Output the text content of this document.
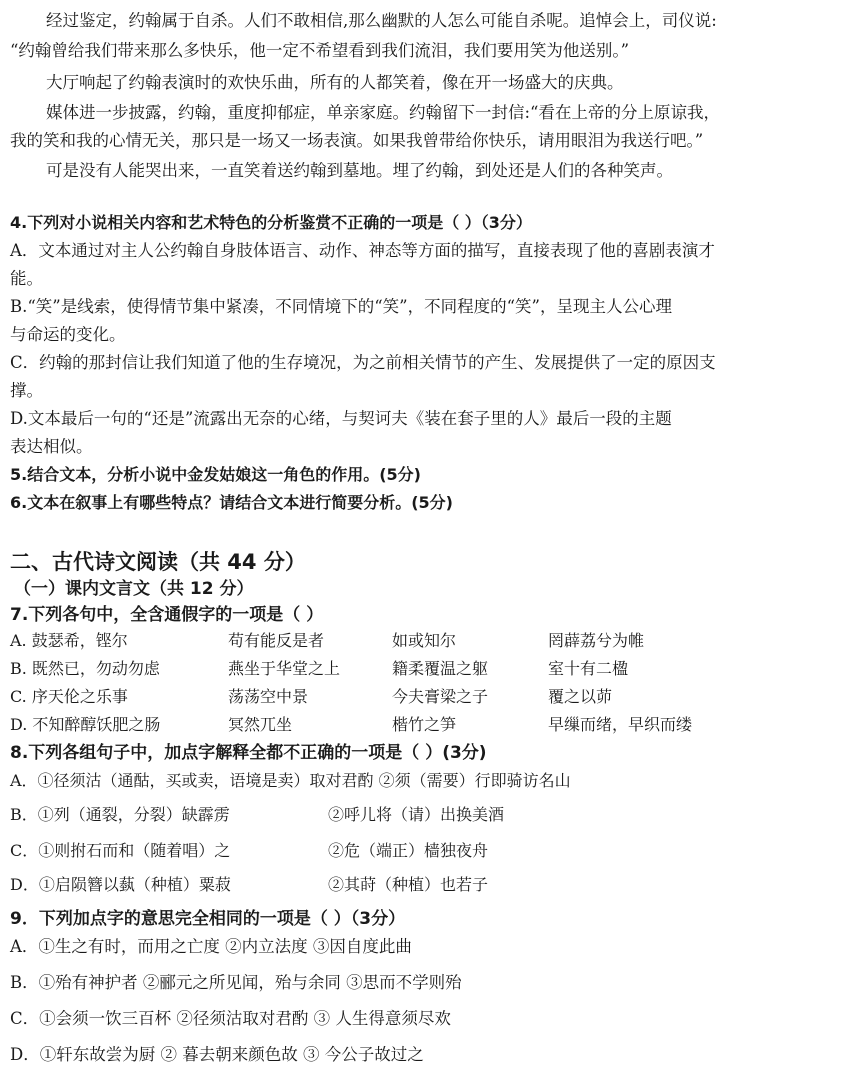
经过鉴定，约翰属于自杀。人们不敢相信,那么幽默的人怎么可能自杀呢。追悼会上，司仪说:
“约翰曾给我们带来那么多快乐，他一定不希望看到我们流泪，我们要用笑为他送别。”
大厅响起了约翰表演时的欢快乐曲，所有的人都笑着，像在开一场盛大的庆典。
媒体进一步披露，约翰，重度抑郁症，单亲家庭。约翰留下一封信:“看在上帝的分上原谅我，
我的笑和我的心情无关，那只是一场又一场表演。如果我曾带给你快乐，请用眼泪为我送行吧。”
可是没有人能哭出来，一直笑着送约翰到墓地。埋了约翰，到处还是人们的各种笑声。
4.下列对小说相关内容和艺术特色的分析鉴赏不正确的一项是（ ）（3分）
A．文本通过对主人公约翰自身肢体语言、动作、神态等方面的描写，直接表现了他的喜剧表演才
能。
B.“笑”是线索，使得情节集中紧凑，不同情境下的“笑”，不同程度的“笑”，呈现主人公心理
与命运的变化。
C．约翰的那封信让我们知道了他的生存境况，为之前相关情节的产生、发展提供了一定的原因支
撑。
D.文本最后一句的“还是”流露出无奈的心绪，与契诃夫《装在套子里的人》最后一段的主题
表达相似。
5.结合文本，分析小说中金发姑娘这一角色的作用。(5分)
6.文本在叙事上有哪些特点？请结合文本进行简要分析。(5分)
二、古代诗文阅读（共 44 分）
（一）课内文言文（共 12 分）
7.下列各句中，全含通假字的一项是（ ）
A. 鼓瑟希，铿尔	苟有能反是者	如或知尔	罔薜荔兮为帷
B. 既然已，勿动勿虑	燕坐于华堂之上	籍柔覆温之躯	室十有二楹
C. 序天伦之乐事	荡荡空中景	今夫膏梁之子	覆之以茆
D. 不知醉醇饫肥之肠	冥然兀坐	楷竹之笋	早缫而绪，早织而缕
8.下列各组句子中，加点字解释全都不正确的一项是（ ）(3分)
A．①径须沽（通酤，买或卖，语境是卖）取对君酌 ②须（需要）行即骑访名山
B．①列（通裂，分裂）缺霹雳	②呼儿将（请）出换美酒
C．①则拊石而和（随着唱）之	②危（端正）樯独夜舟
D．①启陨簪以蓺（种植）粟菽	②其莳（种植）也若子
9．下列加点字的意思完全相同的一项是（ ）（3分）
A．①生之有时，而用之亡度 ②内立法度 ③因自度此曲
B．①殆有神护者 ②郦元之所见闻，殆与余同 ③思而不学则殆
C．①会须一饮三百杯 ②径须沽取对君酌 ③ 人生得意须尽欢
D．①轩东故尝为厨 ② 暮去朝来颜色故 ③ 今公子故过之
